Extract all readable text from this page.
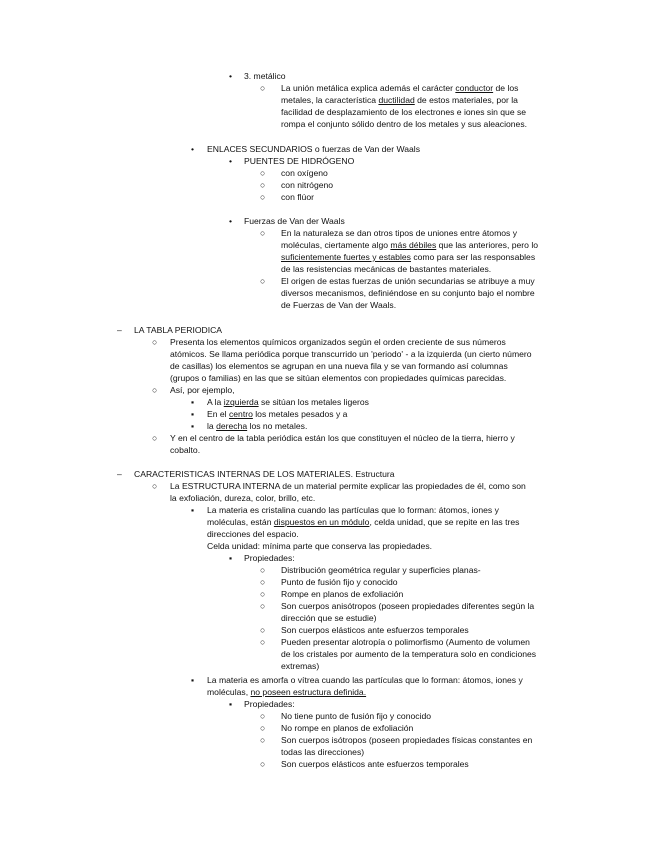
• 3. metálico
○ La unión metálica explica además el carácter conductor de los
metales, la característica ductilidad de estos materiales, por la
facilidad de desplazamiento de los electrones e iones sin que se
rompa el conjunto sólido dentro de los metales y sus aleaciones.
• ENLACES SECUNDARIOS o fuerzas de Van der Waals
• PUENTES DE HIDRÓGENO
○ con oxígeno
○ con nitrógeno
○ con flúor
• Fuerzas de Van der Waals
○ En la naturaleza se dan otros tipos de uniones entre átomos y
moléculas, ciertamente algo más débiles que las anteriores, pero lo
suficientemente fuertes y estables como para ser las responsables
de las resistencias mecánicas de bastantes materiales.
○ El origen de estas fuerzas de unión secundarias se atribuye a muy
diversos mecanismos, definiéndose en su conjunto bajo el nombre
de Fuerzas de Van der Waals.
– LA TABLA PERIODICA
○ Presenta los elementos químicos organizados según el orden creciente de sus números
atómicos. Se llama periódica porque transcurrido un 'periodo' - a la izquierda (un cierto número
de casillas) los elementos se agrupan en una nueva fila y se van formando así columnas
(grupos o familias) en las que se sitúan elementos con propiedades químicas parecidas.
○ Así, por ejemplo,
▪ A la izquierda se sitúan los metales ligeros
▪ En el centro los metales pesados y a
▪ la derecha los no metales.
○ Y en el centro de la tabla periódica están los que constituyen el núcleo de la tierra, hierro y
cobalto.
– CARACTERISTICAS INTERNAS DE LOS MATERIALES. Estructura
○ La ESTRUCTURA INTERNA de un material permite explicar las propiedades de él, como son
la exfoliación, dureza, color, brillo, etc.
▪ La materia es cristalina cuando las partículas que lo forman: átomos, iones y
moléculas, están dispuestos en un módulo, celda unidad, que se repite en las tres
direcciones del espacio.
Celda unidad: mínima parte que conserva las propiedades.
▪ Propiedades:
○ Distribución geométrica regular y superficies planas-
○ Punto de fusión fijo y conocido
○ Rompe en planos de exfoliación
○ Son cuerpos anisótropos (poseen propiedades diferentes según la
dirección que se estudie)
○ Son cuerpos elásticos ante esfuerzos temporales
○ Pueden presentar alotropía o polimorfismo (Aumento de volumen
de los cristales por aumento de la temperatura solo en condiciones
extremas)
▪ La materia es amorfa o vítrea cuando las partículas que lo forman: átomos, iones y
moléculas, no poseen estructura definida.
▪ Propiedades:
○ No tiene punto de fusión fijo y conocido
○ No rompe en planos de exfoliación
○ Son cuerpos isótropos (poseen propiedades físicas constantes en
todas las direcciones)
○ Son cuerpos elásticos ante esfuerzos temporales
